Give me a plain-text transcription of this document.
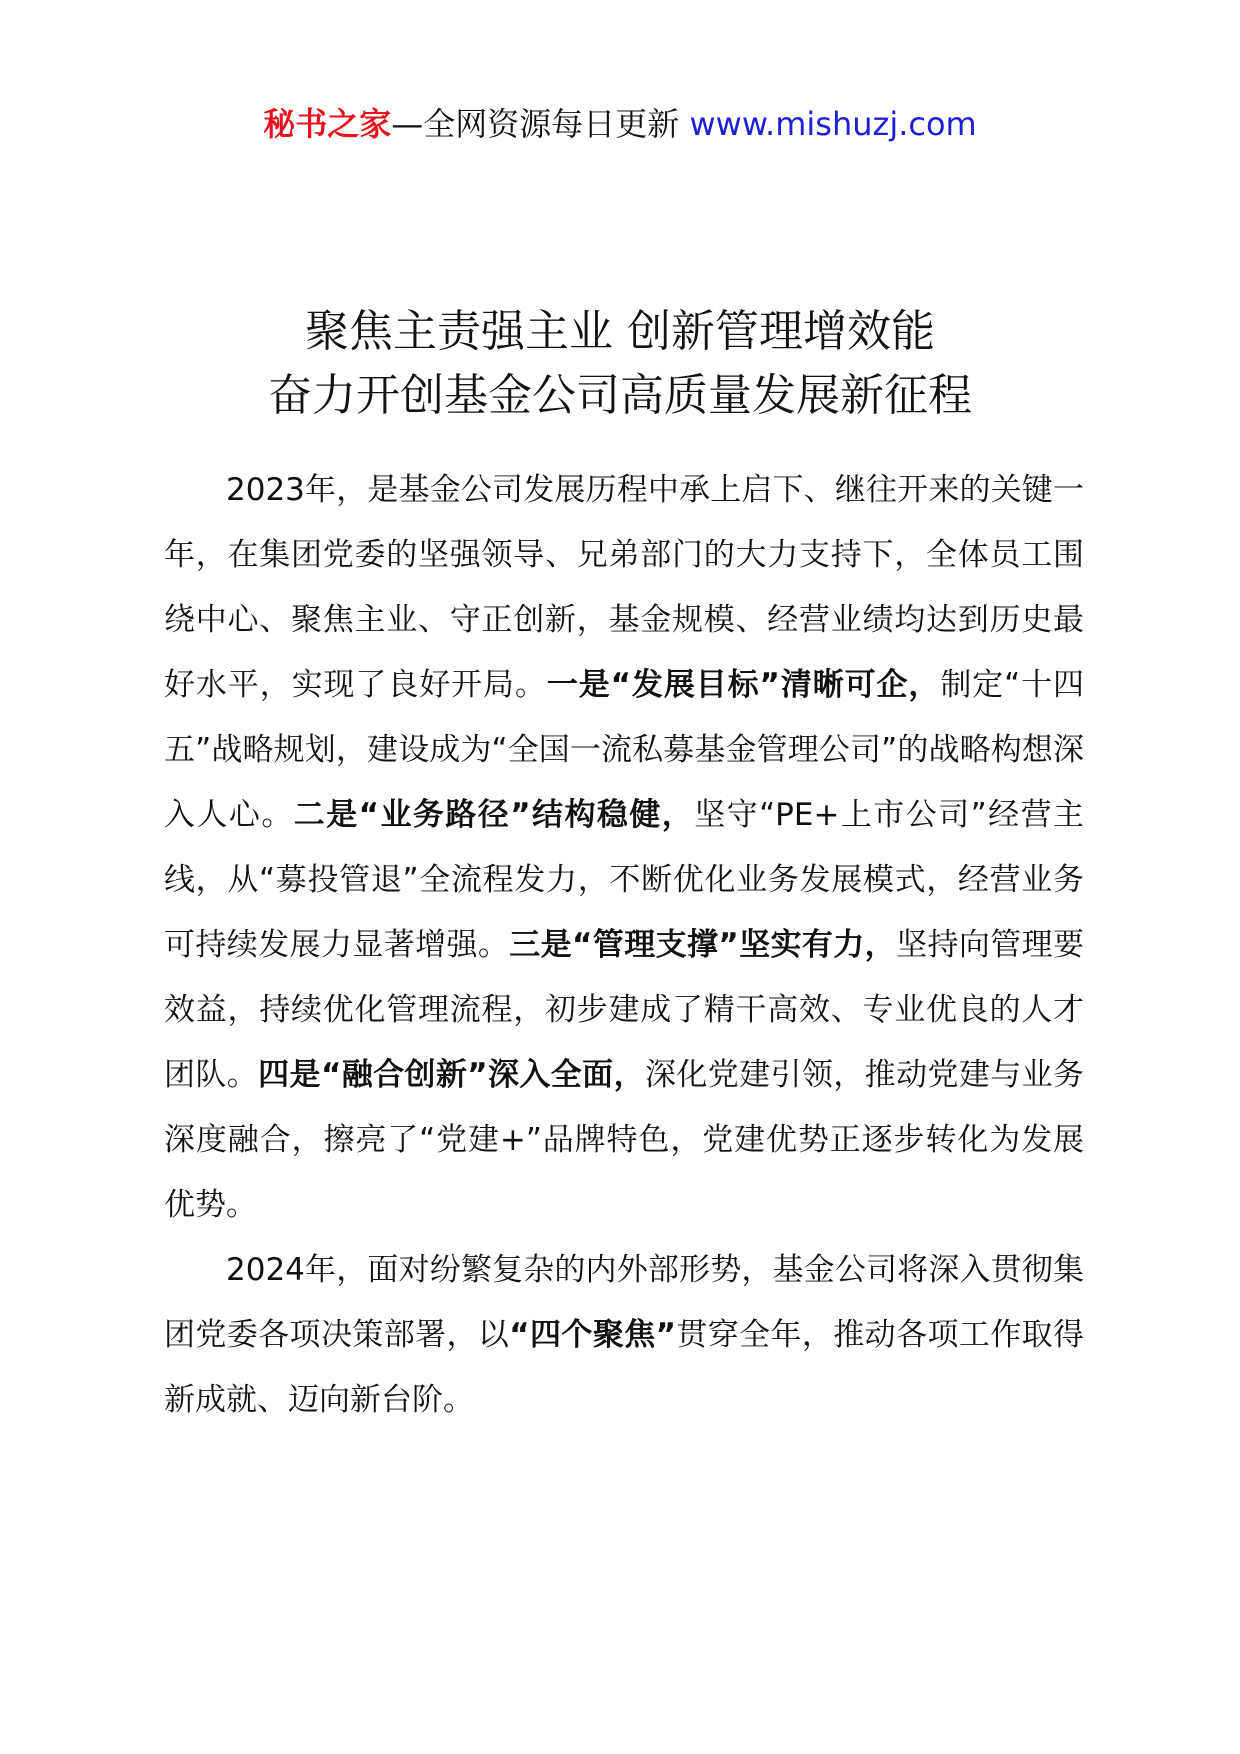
秘书之家—全网资源每日更新 www.mishuzj.com
聚焦主责强主业 创新管理增效能
奋力开创基金公司高质量发展新征程

2023年，是基金公司发展历程中承上启下、继往开来的关键一年，在集团党委的坚强领导、兄弟部门的大力支持下，全体员工围绕中心、聚焦主业、守正创新，基金规模、经营业绩均达到历史最好水平，实现了良好开局。一是“发展目标”清晰可企，制定“十四五”战略规划，建设成为“全国一流私募基金管理公司”的战略构想深入人心。二是“业务路径”结构稳健，坚守“PE+上市公司”经营主线，从“募投管退”全流程发力，不断优化业务发展模式，经营业务可持续发展力显著增强。三是“管理支撑”坚实有力，坚持向管理要效益，持续优化管理流程，初步建成了精干高效、专业优良的人才团队。四是“融合创新”深入全面，深化党建引领，推动党建与业务深度融合，擦亮了“党建+”品牌特色，党建优势正逐步转化为发展优势。

2024年，面对纷繁复杂的内外部形势，基金公司将深入贯彻集团党委各项决策部署，以“四个聚焦”贯穿全年，推动各项工作取得新成就、迈向新台阶。
